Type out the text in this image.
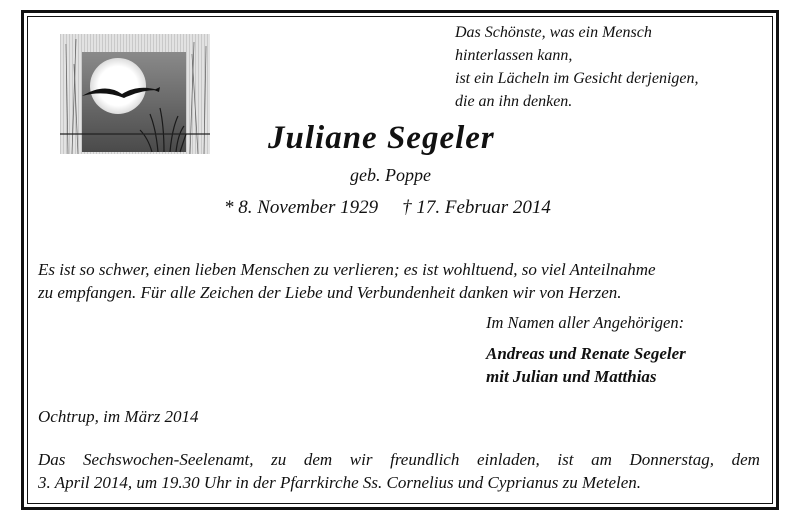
Das Schönste, was ein Mensch
hinterlassen kann,
ist ein Lächeln im Gesicht derjenigen,
die an ihn denken.
Juliane Segeler
geb. Poppe
* 8. November 1929 † 17. Februar 2014
Es ist so schwer, einen lieben Menschen zu verlieren; es ist wohltuend, so viel Anteilnahme
zu empfangen. Für alle Zeichen der Liebe und Verbundenheit danken wir von Herzen.
Im Namen aller Angehörigen:
Andreas und Renate Segeler
mit Julian und Matthias
Ochtrup, im März 2014
Das Sechswochen-Seelenamt, zu dem wir freundlich einladen, ist am Donnerstag, dem
3. April 2014, um 19.30 Uhr in der Pfarrkirche Ss. Cornelius und Cyprianus zu Metelen.
